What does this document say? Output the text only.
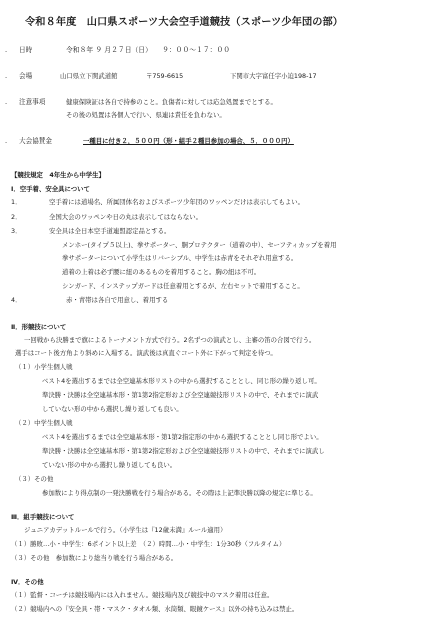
令和８年度　山口県スポーツ大会空手道競技（スポーツ少年団の部）
. 日時	令和８年 ９ 月２７日（日）　　９：００～１７：００
. 会場	山口県立下関武道館	〒759-6615	下関市大字富任字小迫198-17
. 注意事項	健康保険証は各自で持参のこと。負傷者に対しては応急処置までとする。
その後の処置は各個人で行い、県連は責任を負わない。
. 大会協賛金	一種目に付き２，５００円（形・組手２種目参加の場合、５．０００円）
【競技規定　4年生から中学生】
Ⅰ．空手着、安全具について
1．	空手着には道場名、所属団体名およびスポーツ少年団のワッペンだけは表示してもよい。
2．	全国大会のワッペンや日の丸は表示してはならない。
3．	安全具は全日本空手道連盟認定品とする。
メンホー(タイプ５以上)、拳サポーター、胴プロテクター（道着の中）、セーフティカップを着用
拳サポーターについて小学生はリバーシブル、中学生は赤青をそれぞれ用意する。
道着の上着は必ず腰に紐のあるものを着用すること。胸の紐は不可。
シンガード、インステップガードは任意着用とするが、左右セットで着用すること。
4．	赤・青帯は各自で用意し、着用する
Ⅱ．形競技について
一回戦から決勝まで旗によるトーナメント方式で行う。2名ずつの演武とし、主審の笛の合図で行う。
選手はコート後方角より斜めに入場する。演武後は真直ぐコート外に下がって判定を待つ。
（１）小学生個人戦
ベスト4を選出するまでは全空連基本形リストの中から選択することとし、同じ形の繰り返し可。
準決勝・決勝は全空連基本形・第1第2指定形および全空連競技形リストの中で、それまでに演武
していない形の中から選択し繰り返しても良い。
（２）中学生個人戦
ベスト4を選出するまでは全空連基本形・第1第2指定形の中から選択することとし同じ形でよい。
準決勝・決勝は全空連基本形・第1第2指定形および全空連競技形リストの中で、それまでに演武し
ていない形の中から選択し繰り返しても良い。
（３）その他
参加数により得点制の一発決勝戦を行う場合がある。その際は上記準決勝以降の規定に準じる。
Ⅲ．組手競技について
ジュニアカデットルールで行う。（小学生は『12歳未満』ルール適用）
（１）勝敗…小・中学生：6ポイント以上差　（２）時間…小・中学生：1分30秒（フルタイム）
（３）その他　参加数により総当り戦を行う場合がある。
Ⅳ．その他
（１）監督・コーチは競技場内には入れません。競技場内及び競技中のマスク着用は任意。
（２）競場内への『安全具・帯・マスク・タオル類、水筒類、眼鏡ケース』以外の持ち込みは禁止。
